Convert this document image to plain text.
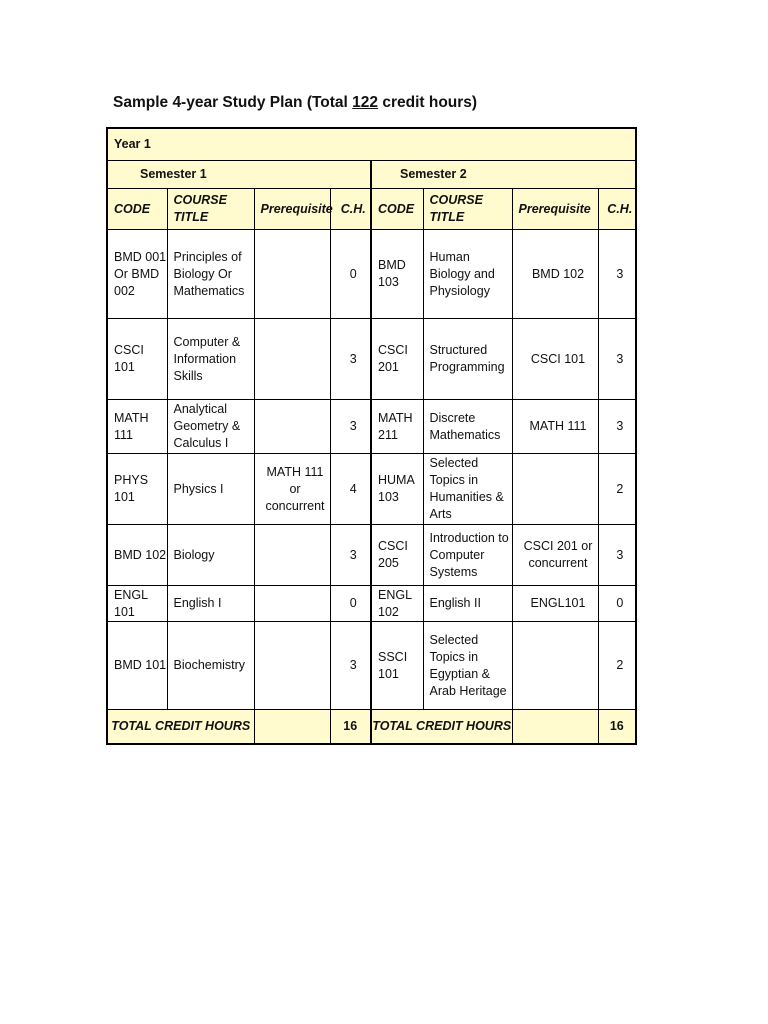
Sample 4-year Study Plan (Total 122 credit hours)
Year 1							
Semester 1				Semester 2			
CODE	COURSE TITLE	Prerequisite	C.H.	CODE	COURSE TITLE	Prerequisite	C.H.
BMD 001 Or BMD 002	Principles of Biology Or Mathematics		0	BMD 103	Human Biology and Physiology	BMD 102	3
CSCI 101	Computer & Information Skills		3	CSCI 201	Structured Programming	CSCI 101	3
MATH 111	Analytical Geometry & Calculus I		3	MATH 211	Discrete Mathematics	MATH 111	3
PHYS 101	Physics I	MATH 111 or concurrent	4	HUMA 103	Selected Topics in Humanities & Arts		2
BMD 102	Biology		3	CSCI 205	Introduction to Computer Systems	CSCI 201 or concurrent	3
ENGL 101	English I		0	ENGL 102	English II	ENGL101	0
BMD 101	Biochemistry		3	SSCI 101	Selected Topics in Egyptian & Arab Heritage		2
TOTAL CREDIT HOURS			16	TOTAL CREDIT HOURS			16
